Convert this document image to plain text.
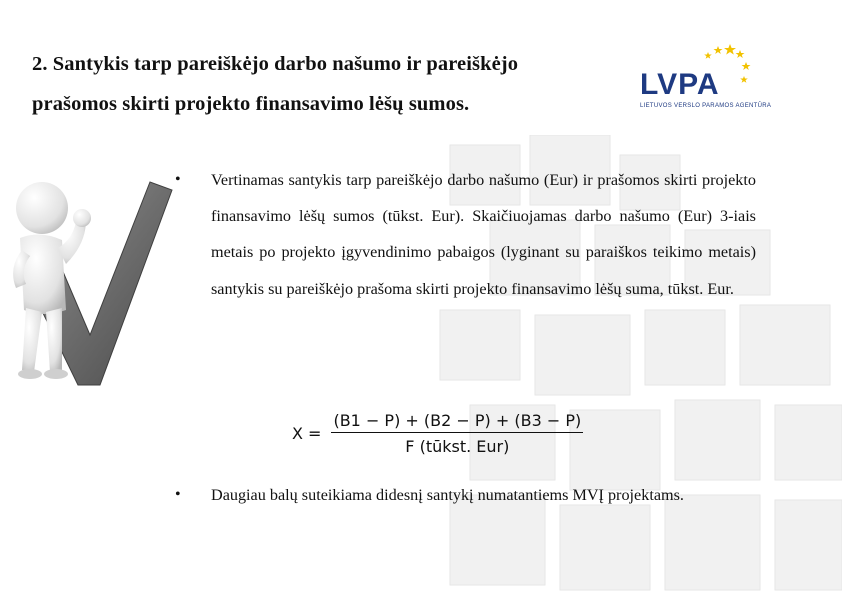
2. Santykis tarp pareiškėjo darbo našumo ir pareiškėjo
prašomos skirti projekto finansavimo lėšų sumos.
LVPA
LIETUVOS VERSLO PARAMOS AGENTŪRA
• Vertinamas santykis tarp pareiškėjo darbo našumo (Eur) ir prašomos skirti projekto finansavimo lėšų sumos (tūkst. Eur). Skaičiuojamas darbo našumo (Eur) 3-iais metais po projekto įgyvendinimo pabaigos (lyginant su paraiškos teikimo metais) santykis su pareiškėjo prašoma skirti projekto finansavimo lėšų suma, tūkst. Eur.
$X = \frac{(B1 - P) + (B2 - P) + (B3 - P)}{\text{F (tūkst. Eur)}}$
• Daugiau balų suteikiama didesnį santykį numatantiems MVĮ projektams.
